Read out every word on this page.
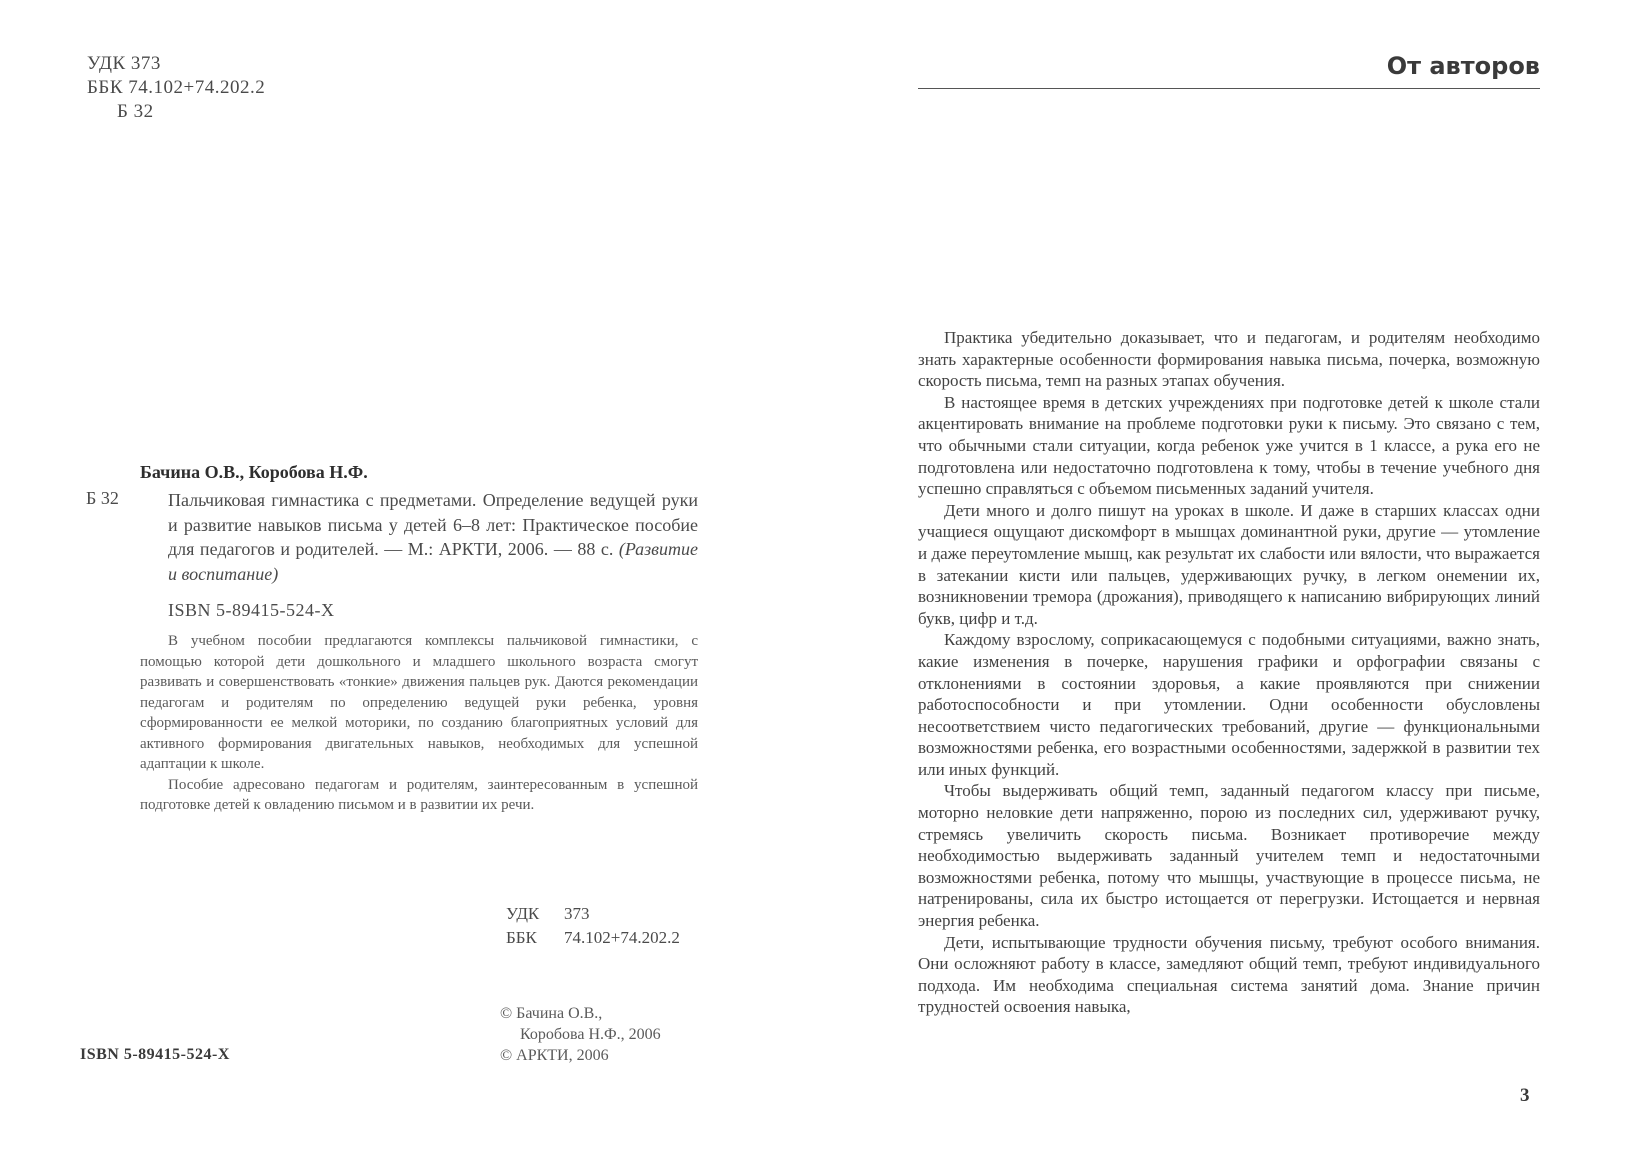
УДК 373
ББК 74.102+74.202.2
Б 32
Бачина О.В., Коробова Н.Ф.
Б 32	Пальчиковая гимнастика с предметами. Определение ведущей руки и развитие навыков письма у детей 6–8 лет: Практическое пособие для педагогов и родителей. — М.: АРКТИ, 2006. — 88 с. (Развитие и воспитание)
ISBN 5-89415-524-X

В учебном пособии предлагаются комплексы пальчиковой гимнастики, с помощью которой дети дошкольного и младшего школьного возраста смогут развивать и совершенствовать «тонкие» движения пальцев рук. Даются рекомендации педагогам и родителям по определению ведущей руки ребенка, уровня сформированности ее мелкой моторики, по созданию благоприятных условий для активного формирования двигательных навыков, необходимых для успешной адаптации к школе.

Пособие адресовано педагогам и родителям, заинтересованным в успешной подготовке детей к овладению письмом и в развитии их речи.

УДК	373
ББК	74.102+74.202.2
© Бачина О.В.,
Коробова Н.Ф., 2006
© АРКТИ, 2006
ISBN 5-89415-524-X
От авторов

Практика убедительно доказывает, что и педагогам, и родителям необходимо знать характерные особенности формирования навыка письма, почерка, возможную скорость письма, темп на разных этапах обучения.

В настоящее время в детских учреждениях при подготовке детей к школе стали акцентировать внимание на проблеме подготовки руки к письму. Это связано с тем, что обычными стали ситуации, когда ребенок уже учится в 1 классе, а рука его не подготовлена или недостаточно подготовлена к тому, чтобы в течение учебного дня успешно справляться с объемом письменных заданий учителя.

Дети много и долго пишут на уроках в школе. И даже в старших классах одни учащиеся ощущают дискомфорт в мышцах доминантной руки, другие — утомление и даже переутомление мышц, как результат их слабости или вялости, что выражается в затекании кисти или пальцев, удерживающих ручку, в легком онемении их, возникновении тремора (дрожания), приводящего к написанию вибрирующих линий букв, цифр и т.д.

Каждому взрослому, соприкасающемуся с подобными ситуациями, важно знать, какие изменения в почерке, нарушения графики и орфографии связаны с отклонениями в состоянии здоровья, а какие проявляются при снижении работоспособности и при утомлении. Одни особенности обусловлены несоответствием чисто педагогических требований, другие — функциональными возможностями ребенка, его возрастными особенностями, задержкой в развитии тех или иных функций.

Чтобы выдерживать общий темп, заданный педагогом классу при письме, моторно неловкие дети напряженно, порою из последних сил, удерживают ручку, стремясь увеличить скорость письма. Возникает противоречие между необходимостью выдерживать заданный учителем темп и недостаточными возможностями ребенка, потому что мышцы, участвующие в процессе письма, не натренированы, сила их быстро истощается от перегрузки. Истощается и нервная энергия ребенка.

Дети, испытывающие трудности обучения письму, требуют особого внимания. Они осложняют работу в классе, замедляют общий темп, требуют индивидуального подхода. Им необходима специальная система занятий дома. Знание причин трудностей освоения навыка,

3
